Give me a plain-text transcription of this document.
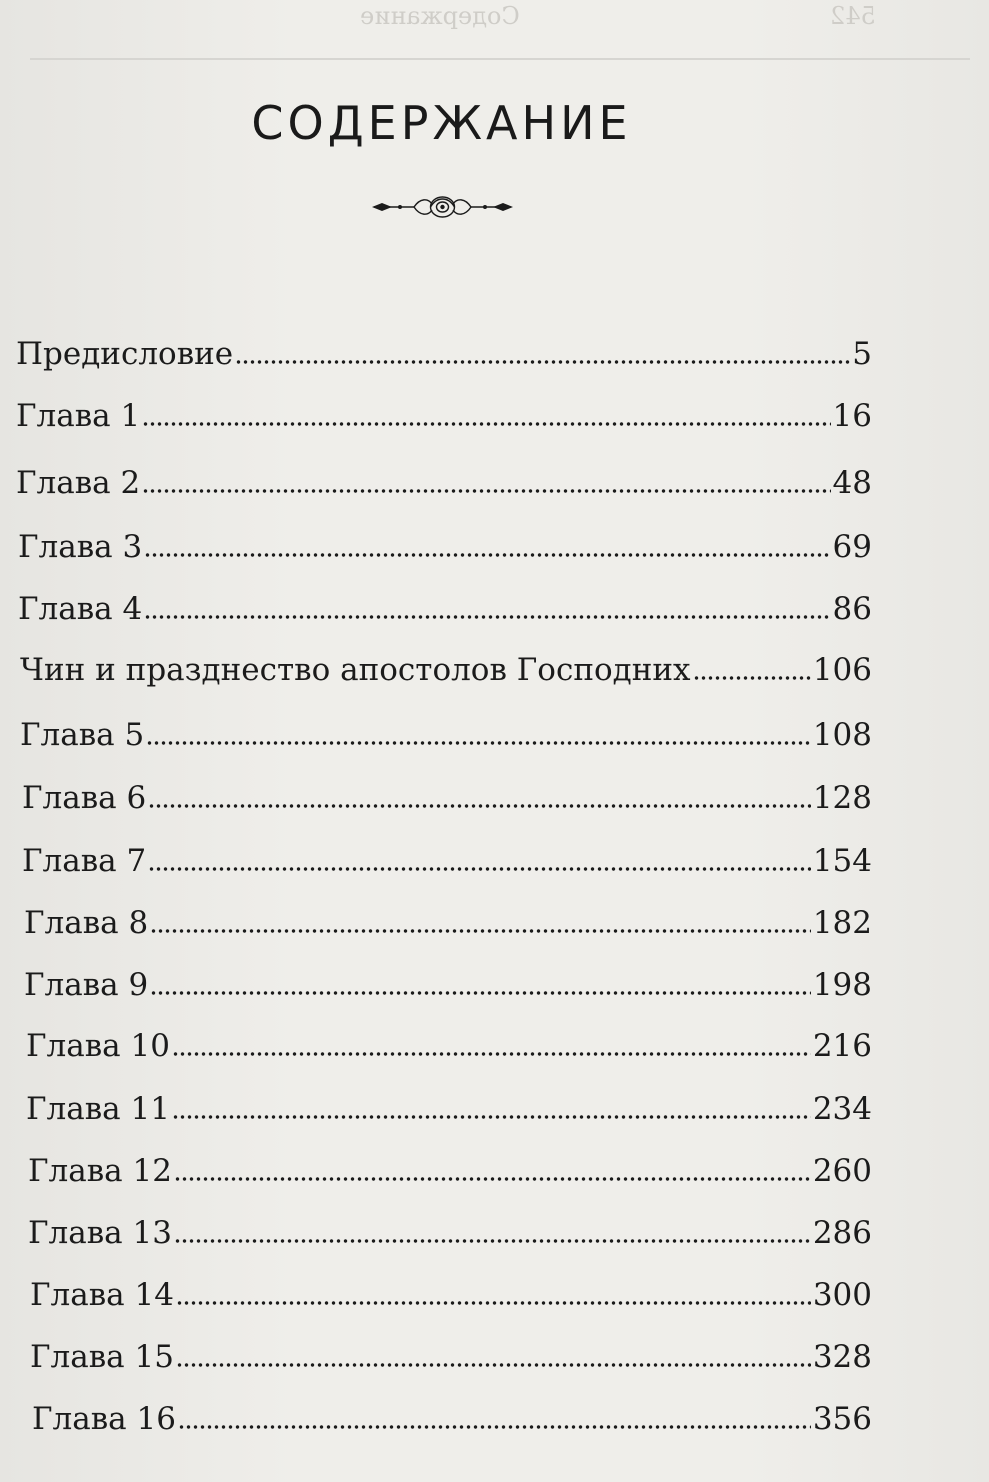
542
Содержание
СОДЕРЖАНИЕ
Предисловие	5
Глава 1	16
Глава 2	48
Глава 3	69
Глава 4	86
Чин и празднество апостолов Господних	106
Глава 5	108
Глава 6	128
Глава 7	154
Глава 8	182
Глава 9	198
Глава 10	216
Глава 11	234
Глава 12	260
Глава 13	286
Глава 14	300
Глава 15	328
Глава 16	356
